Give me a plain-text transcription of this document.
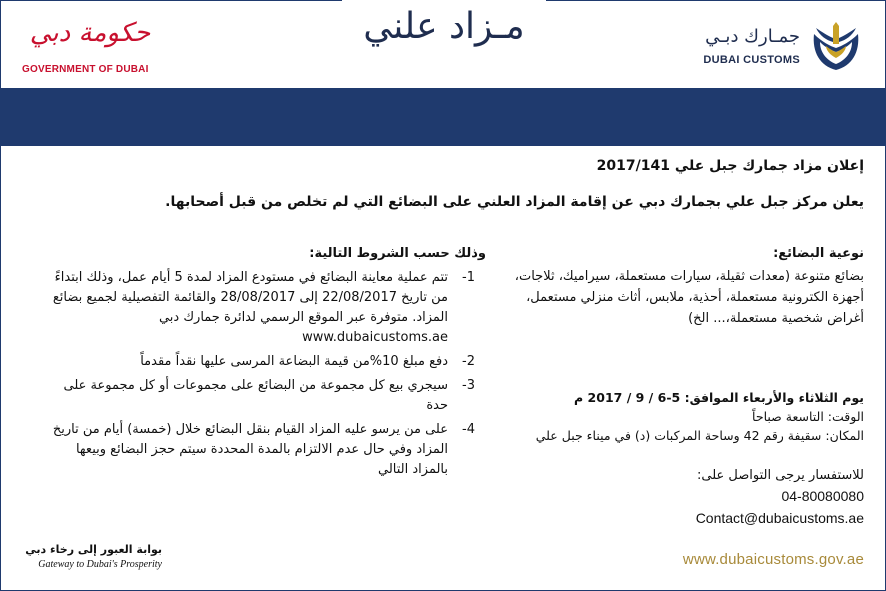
حكومة دبي
GOVERNMENT OF DUBAI
جمـارك دبـي
DUBAI CUSTOMS
مـزاد علني
إعلان مزاد جمارك جبل علي 2017/141
يعلن مركز جبل علي بجمارك دبي عن إقامة المزاد العلني على البضائع التي لم تخلص من قبل أصحابها.
نوعية البضائع:
بضائع متنوعة (معدات ثقيلة، سيارات مستعملة، سيراميك، ثلاجات، أجهزة الكترونية مستعملة، أحذية، ملابس، أثاث منزلي مستعمل، أغراض شخصية مستعملة،... الخ)
يوم الثلاثاء والأربعاء الموافق: 5-6 / 9 / 2017 م
الوقت: التاسعة صباحاً
المكان: سقيفة رقم 42 وساحة المركبات (د) في ميناء جبل علي
للاستفسار يرجى التواصل على:
04-80080080
Contact@dubaicustoms.ae
وذلك حسب الشروط التالية:
-1
تتم عملية معاينة البضائع في مستودع المزاد لمدة 5 أيام عمل، وذلك ابتداءً من تاريخ 22/08/2017 إلى 28/08/2017 والقائمة التفصيلية لجميع بضائع المزاد. متوفرة عبر الموقع الرسمي لدائرة جمارك دبي www.dubaicustoms.ae
-2
دفع مبلغ 10%من قيمة البضاعة المرسى عليها نقداً مقدماً
-3
سيجري بيع كل مجموعة من البضائع على مجموعات أو كل مجموعة على حدة
-4
على من يرسو عليه المزاد القيام بنقل البضائع خلال (خمسة) أيام من تاريخ المزاد وفي حال عدم الالتزام بالمدة المحددة سيتم حجز البضائع وبيعها بالمزاد التالي
بوابة العبور إلى رخاء دبي
Gateway to Dubai's Prosperity	www.dubaicustoms.gov.ae
